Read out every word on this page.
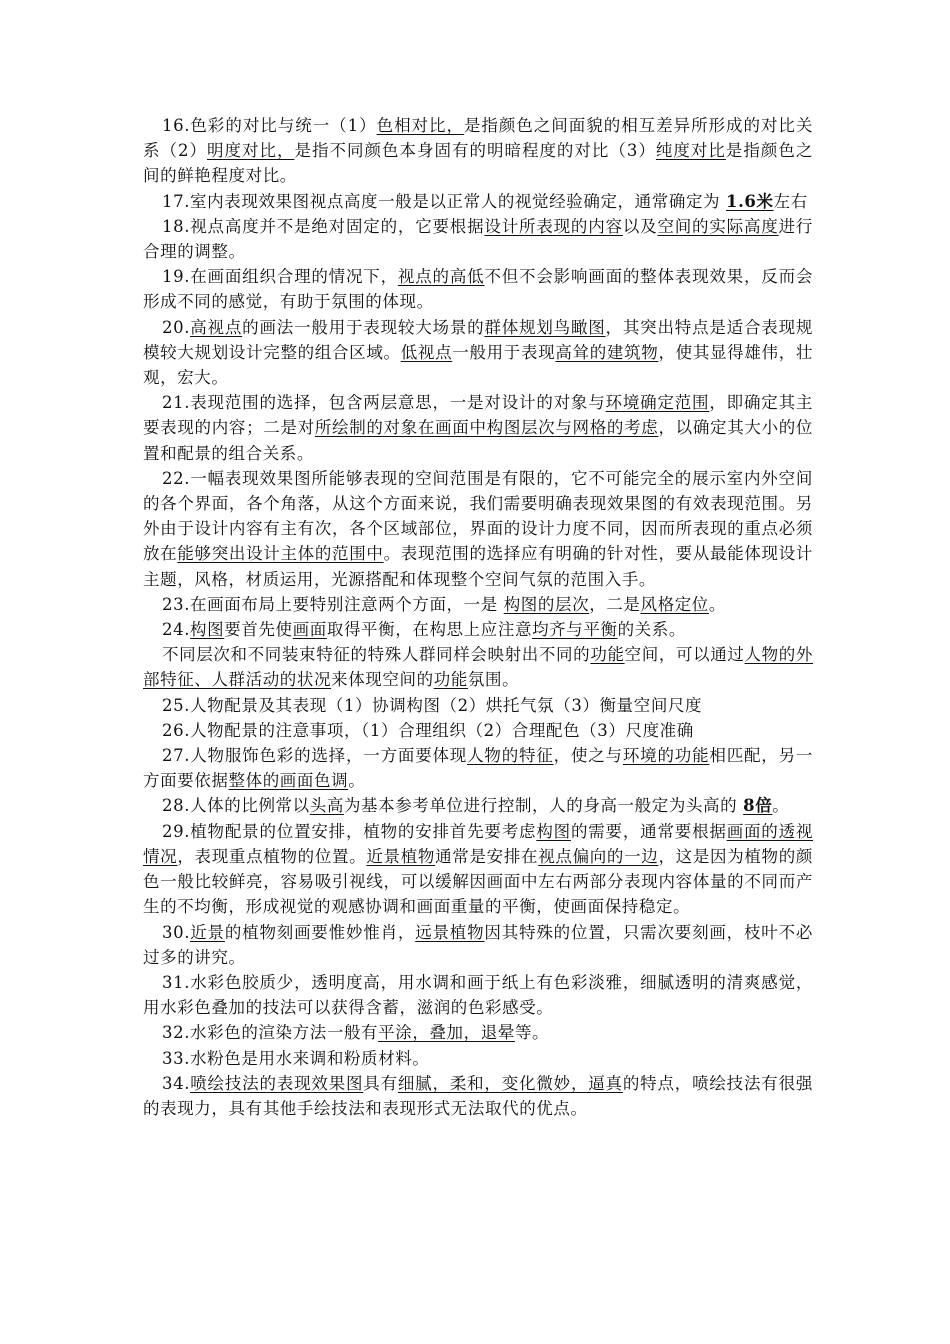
16.色彩的对比与统一（1）色相对比，是指颜色之间面貌的相互差异所形成的对比关系（2）明度对比，是指不同颜色本身固有的明暗程度的对比（3）纯度对比是指颜色之间的鲜艳程度对比。

17.室内表现效果图视点高度一般是以正常人的视觉经验确定，通常确定为 1.6米左右

18.视点高度并不是绝对固定的，它要根据设计所表现的内容以及空间的实际高度进行合理的调整。

19.在画面组织合理的情况下，视点的高低不但不会影响画面的整体表现效果，反而会形成不同的感觉，有助于氛围的体现。

20.高视点的画法一般用于表现较大场景的群体规划鸟瞰图，其突出特点是适合表现规模较大规划设计完整的组合区域。低视点一般用于表现高耸的建筑物，使其显得雄伟，壮观，宏大。

21.表现范围的选择，包含两层意思，一是对设计的对象与环境确定范围，即确定其主要表现的内容；二是对所绘制的对象在画面中构图层次与网格的考虑，以确定其大小的位置和配景的组合关系。

22.一幅表现效果图所能够表现的空间范围是有限的，它不可能完全的展示室内外空间的各个界面，各个角落，从这个方面来说，我们需要明确表现效果图的有效表现范围。另外由于设计内容有主有次，各个区域部位，界面的设计力度不同，因而所表现的重点必须放在能够突出设计主体的范围中。表现范围的选择应有明确的针对性，要从最能体现设计主题，风格，材质运用，光源搭配和体现整个空间气氛的范围入手。

23.在画面布局上要特别注意两个方面，一是 构图的层次，二是风格定位。

24.构图要首先使画面取得平衡，在构思上应注意均齐与平衡的关系。

不同层次和不同装束特征的特殊人群同样会映射出不同的功能空间，可以通过人物的外部特征、人群活动的状况来体现空间的功能氛围。

25.人物配景及其表现（1）协调构图（2）烘托气氛（3）衡量空间尺度

26.人物配景的注意事项，（1）合理组织（2）合理配色（3）尺度准确

27.人物服饰色彩的选择，一方面要体现人物的特征，使之与环境的功能相匹配，另一方面要依据整体的画面色调。

28.人体的比例常以头高为基本参考单位进行控制，人的身高一般定为头高的 8倍。

29.植物配景的位置安排，植物的安排首先要考虑构图的需要，通常要根据画面的透视情况，表现重点植物的位置。近景植物通常是安排在视点偏向的一边，这是因为植物的颜色一般比较鲜亮，容易吸引视线，可以缓解因画面中左右两部分表现内容体量的不同而产生的不均衡，形成视觉的观感协调和画面重量的平衡，使画面保持稳定。

30.近景的植物刻画要惟妙惟肖，远景植物因其特殊的位置，只需次要刻画，枝叶不必过多的讲究。

31.水彩色胶质少，透明度高，用水调和画于纸上有色彩淡雅，细腻透明的清爽感觉，用水彩色叠加的技法可以获得含蓄，滋润的色彩感受。

32.水彩色的渲染方法一般有平涂，叠加，退晕等。

33.水粉色是用水来调和粉质材料。

34.喷绘技法的表现效果图具有细腻，柔和，变化微妙，逼真的特点，喷绘技法有很强的表现力，具有其他手绘技法和表现形式无法取代的优点。
